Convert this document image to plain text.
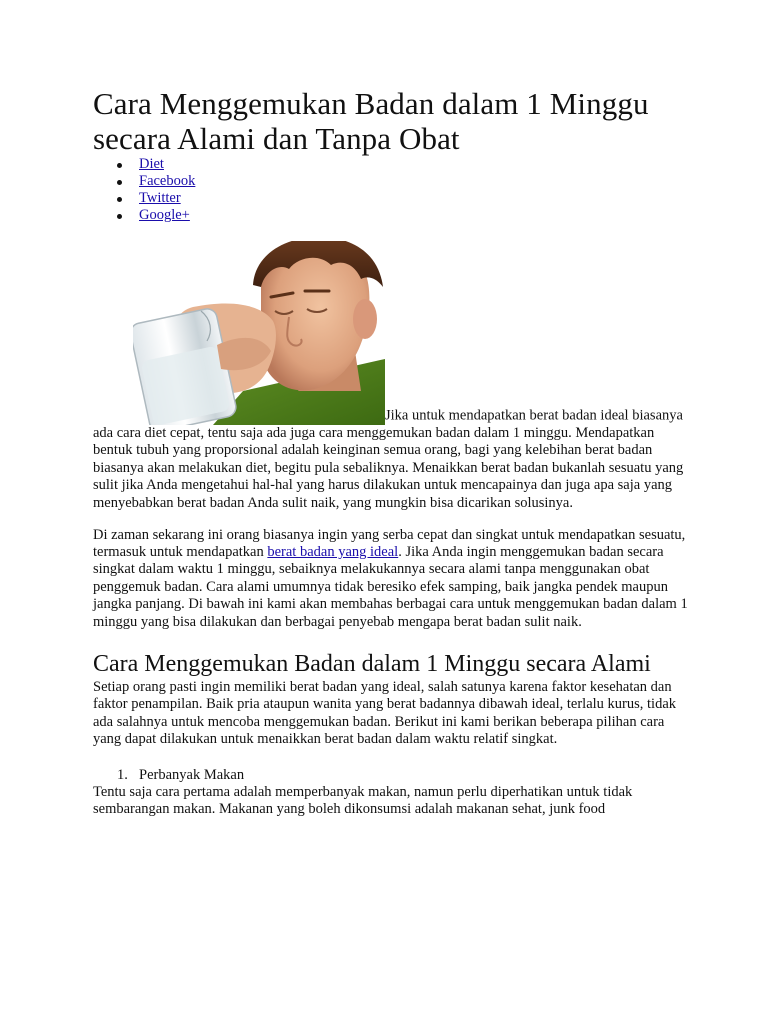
Cara Menggemukan Badan dalam 1 Minggu secara Alami dan Tanpa Obat
Diet
Facebook
Twitter
Google+

Jika untuk mendapatkan berat badan ideal biasanya ada cara diet cepat, tentu saja ada juga cara menggemukan badan dalam 1 minggu. Mendapatkan bentuk tubuh yang proporsional adalah keinginan semua orang, bagi yang kelebihan berat badan biasanya akan melakukan diet, begitu pula sebaliknya. Menaikkan berat badan bukanlah sesuatu yang sulit jika Anda mengetahui hal-hal yang harus dilakukan untuk mencapainya dan juga apa saja yang menyebabkan berat badan Anda sulit naik, yang mungkin bisa dicarikan solusinya.

Di zaman sekarang ini orang biasanya ingin yang serba cepat dan singkat untuk mendapatkan sesuatu, termasuk untuk mendapatkan berat badan yang ideal. Jika Anda ingin menggemukan badan secara singkat dalam waktu 1 minggu, sebaiknya melakukannya secara alami tanpa menggunakan obat penggemuk badan. Cara alami umumnya tidak beresiko efek samping, baik jangka pendek maupun jangka panjang. Di bawah ini kami akan membahas berbagai cara untuk menggemukan badan dalam 1 minggu yang bisa dilakukan dan berbagai penyebab mengapa berat badan sulit naik.

Cara Menggemukan Badan dalam 1 Minggu secara Alami

Setiap orang pasti ingin memiliki berat badan yang ideal, salah satunya karena faktor kesehatan dan faktor penampilan. Baik pria ataupun wanita yang berat badannya dibawah ideal, terlalu kurus, tidak ada salahnya untuk mencoba menggemukan badan. Berikut ini kami berikan beberapa pilihan cara yang dapat dilakukan untuk menaikkan berat badan dalam waktu relatif singkat.

1. Perbanyak Makan

Tentu saja cara pertama adalah memperbanyak makan, namun perlu diperhatikan untuk tidak sembarangan makan. Makanan yang boleh dikonsumsi adalah makanan sehat, junk food
